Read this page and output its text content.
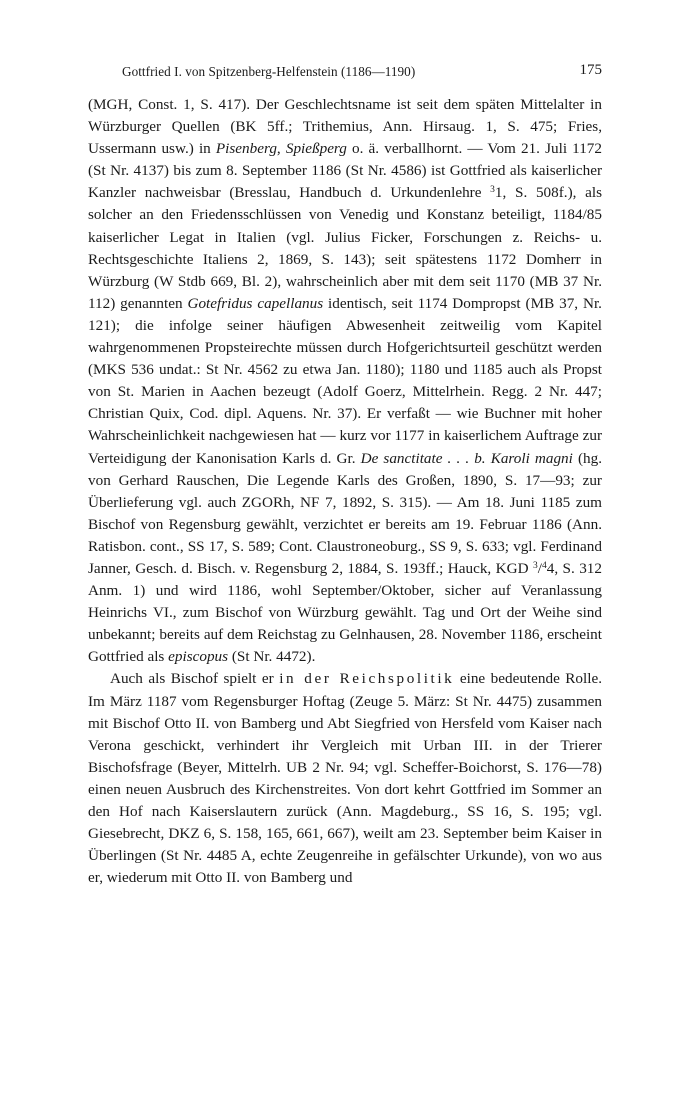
Gottfried I. von Spitzenberg-Helfenstein (1186—1190)	175

(MGH, Const. 1, S. 417). Der Geschlechtsname ist seit dem späten Mittelalter in Würzburger Quellen (BK 5ff.; Trithemius, Ann. Hirsaug. 1, S. 475; Fries, Ussermann usw.) in Pisenberg, Spießperg o. ä. verballhornt. — Vom 21. Juli 1172 (St Nr. 4137) bis zum 8. September 1186 (St Nr. 4586) ist Gottfried als kaiserlicher Kanzler nachweisbar (Bresslau, Handbuch d. Urkundenlehre $^3$1, S. 508f.), als solcher an den Friedensschlüssen von Venedig und Konstanz beteiligt, 1184/85 kaiserlicher Legat in Italien (vgl. Julius Ficker, Forschungen z. Reichs- u. Rechtsgeschichte Italiens 2, 1869, S. 143); seit spätestens 1172 Domherr in Würzburg (W Stdb 669, Bl. 2), wahrscheinlich aber mit dem seit 1170 (MB 37 Nr. 112) genannten Gotefridus capellanus identisch, seit 1174 Dompropst (MB 37, Nr. 121); die infolge seiner häufigen Abwesenheit zeitweilig vom Kapitel wahrgenommenen Propsteirechte müssen durch Hofgerichtsurteil geschützt werden (MKS 536 undat.: St Nr. 4562 zu etwa Jan. 1180); 1180 und 1185 auch als Propst von St. Marien in Aachen bezeugt (Adolf Goerz, Mittelrhein. Regg. 2 Nr. 447; Christian Quix, Cod. dipl. Aquens. Nr. 37). Er verfaßt — wie Buchner mit hoher Wahrscheinlichkeit nachgewiesen hat — kurz vor 1177 in kaiserlichem Auftrage zur Verteidigung der Kanonisation Karls d. Gr. De sanctitate . . . b. Karoli magni (hg. von Gerhard Rauschen, Die Legende Karls des Großen, 1890, S. 17—93; zur Überlieferung vgl. auch ZGORh, NF 7, 1892, S. 315). — Am 18. Juni 1185 zum Bischof von Regensburg gewählt, verzichtet er bereits am 19. Februar 1186 (Ann. Ratisbon. cont., SS 17, S. 589; Cont. Claustroneoburg., SS 9, S. 633; vgl. Ferdinand Janner, Gesch. d. Bisch. v. Regensburg 2, 1884, S. 193ff.; Hauck, KGD $^3$/$^4$4, S. 312 Anm. 1) und wird 1186, wohl September/Oktober, sicher auf Veranlassung Heinrichs VI., zum Bischof von Würzburg gewählt. Tag und Ort der Weihe sind unbekannt; bereits auf dem Reichstag zu Gelnhausen, 28. November 1186, erscheint Gottfried als episcopus (St Nr. 4472).

Auch als Bischof spielt er in der Reichspolitik eine bedeutende Rolle. Im März 1187 vom Regensburger Hoftag (Zeuge 5. März: St Nr. 4475) zusammen mit Bischof Otto II. von Bamberg und Abt Siegfried von Hersfeld vom Kaiser nach Verona geschickt, verhindert ihr Vergleich mit Urban III. in der Trierer Bischofsfrage (Beyer, Mittelrh. UB 2 Nr. 94; vgl. Scheffer-Boichorst, S. 176—78) einen neuen Ausbruch des Kirchenstreites. Von dort kehrt Gottfried im Sommer an den Hof nach Kaiserslautern zurück (Ann. Magdeburg., SS 16, S. 195; vgl. Giesebrecht, DKZ 6, S. 158, 165, 661, 667), weilt am 23. September beim Kaiser in Überlingen (St Nr. 4485 A, echte Zeugenreihe in gefälschter Urkunde), von wo aus er, wiederum mit Otto II. von Bamberg und
